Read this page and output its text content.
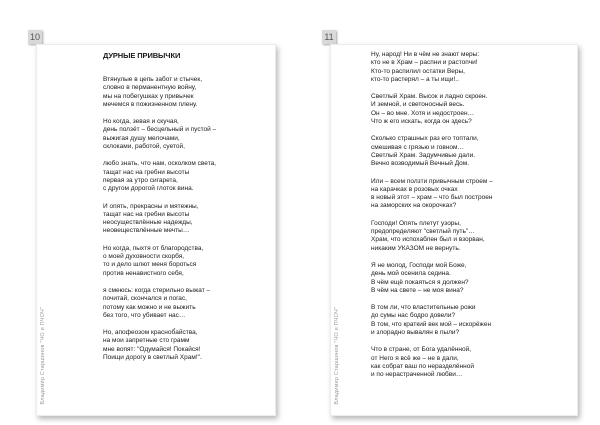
10	11
Владимир Старшинов "ЧО и ПЧОЧ"
ДУРНЫЕ ПРИВЫЧКИ
Втянулые в цепь забот и стычек,
словно в перманентную войну,
мы на побегушках у привычек
мечемся в пожизненном плену.
Но когда, зевая и скучая,
день ползёт – бесцельный и пустой –
выжигая душу мелочами,
склоками, работой, суетой,
любо знать, что нам, осколком света,
тащат нас на гребни высоты
первая за утро сигарета,
с другом дорогой глоток вина.
И опять, прекрасны и мятежны,
тащат нас на гребни высоты
неосуществлённые надежды,
неовеществлённые мечты…
Но когда, пыхтя от благородства,
о моей духовности скорбя,
то и дело шлют меня бороться
против ненавистного себя,
я смеюсь: когда стерильно выжат –
почитай, скончался и погас,
потому как можно и не выжить
без того, что убивает нас…
Но, апофеозом красноб́айства,
на мои запретные сто грамм
мне вопят: "Одумайся! Покайся!
Поищи дорогу в светлый Храм!".	Владимир Старшинов "ЧО и ПЧОЧ"
Ну, народ! Ни в чём не знают меры:
кто не в Храм – распни и растопчи!
Кто-то распилил остатки Веры,
кто-то растерял – а ты ищи!..
Светлый Храм. Высок и ладно скроен.
И земной, и светоносный весь.
Он – во мне. Хотя и недостроен…
Что ж его искать, когда он здесь?
Сколько страшных раз его топтали,
смешивая с грязью и говном…
Светлый Храм. Задумчивые дали.
Вечно возводимый Вечный Дом.
Или – всем ползти привычным строем –
на карачках в розовых очках
в новый этот – храм – что был построен
на заморских на окорочках?
Господи! Опять плетут узоры,
предопределяют "светлый путь"…
Храм, что испохаблен был и взорван,
никаким УКАЗОМ не вернуть.
Я не молод, Господи мой Боже,
день мой осенила седина.
В чём ещё покаяться я должен?
В чём на свете – не моя вина?
В том ли, что властительные рожи
до сумы нас бодро довели?
В том, что краткий век мой – искорёжен
и злорадно вывалян в пыли?
Что в стране, от Бога удалённой,
от Него я всё же – не в дали,
как собрат ваш по неразделённой
и по нерастраченной любви…
